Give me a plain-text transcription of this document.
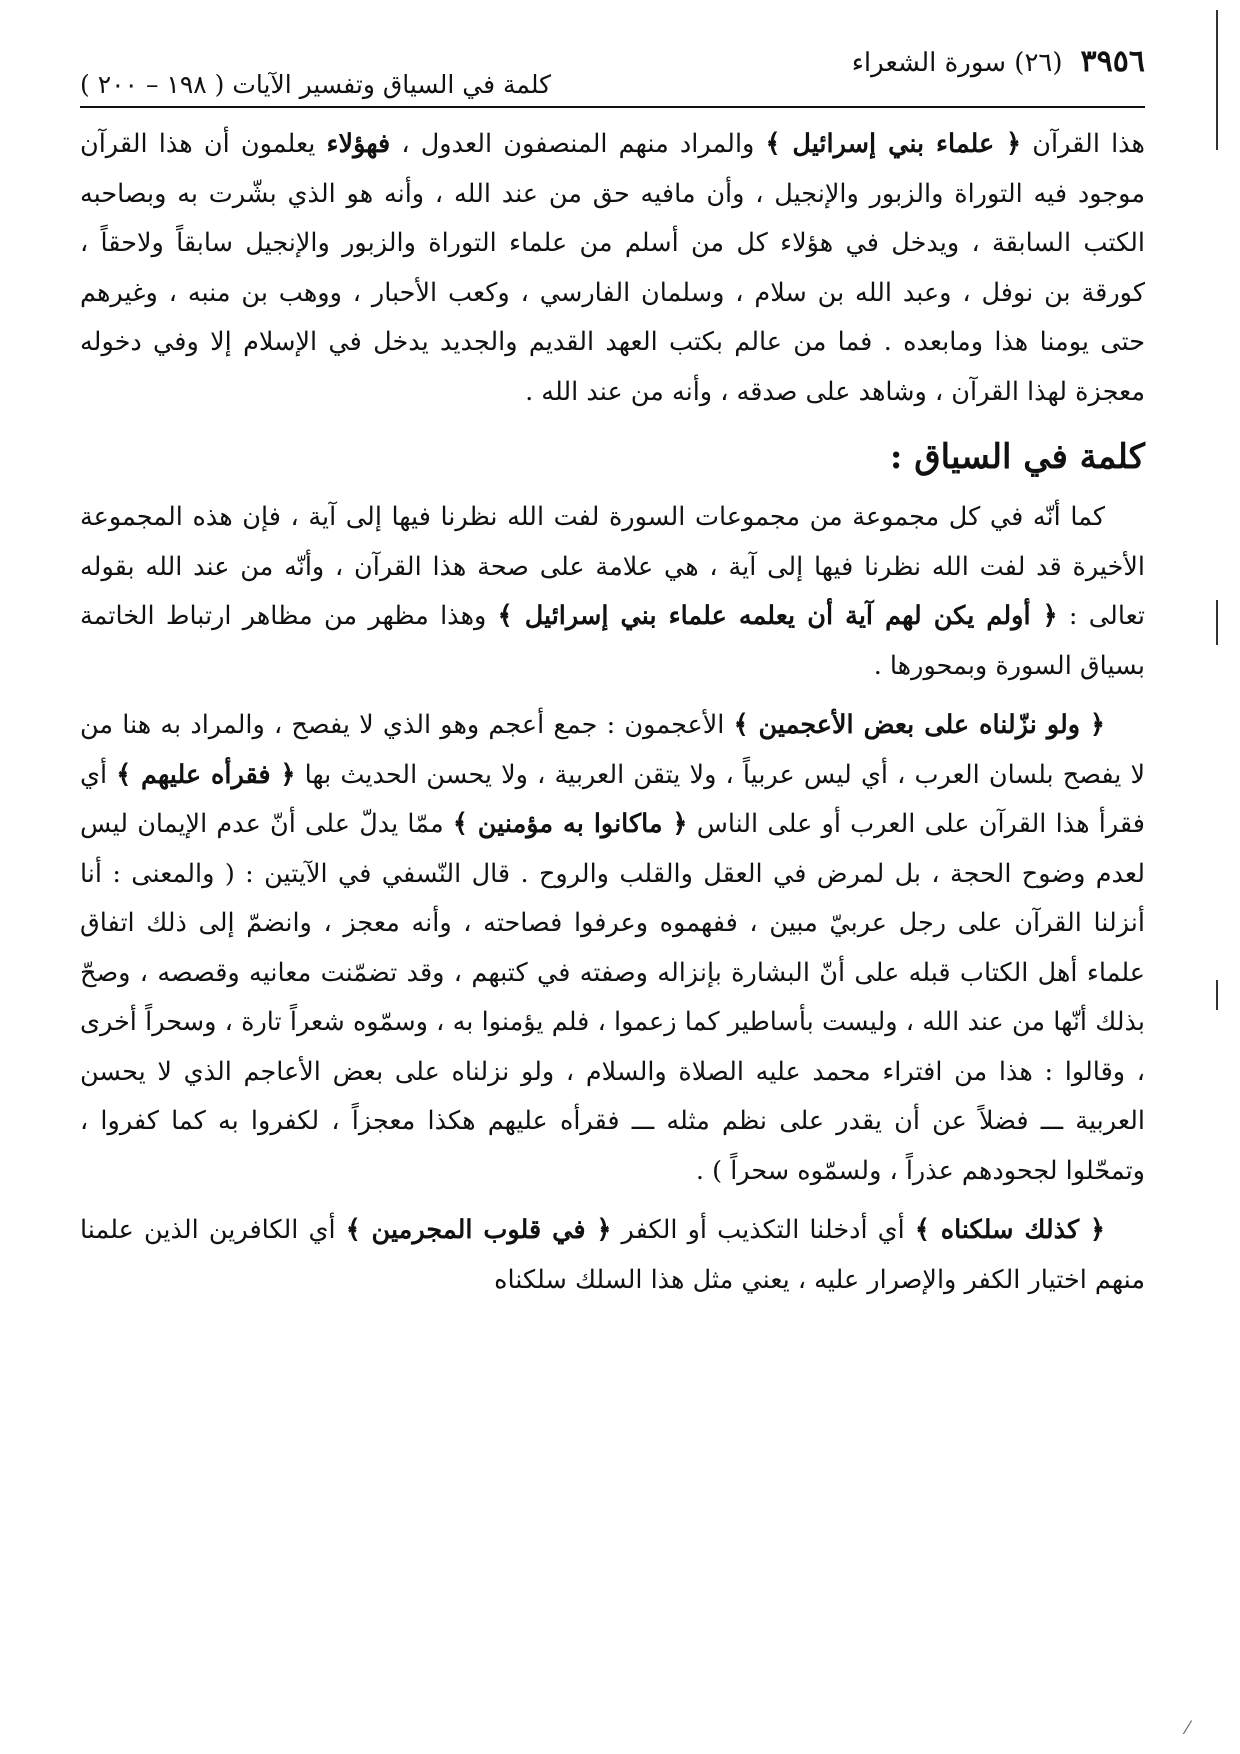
٣٩٥٦
(٢٦) سورة الشعراء
كلمة في السياق وتفسير الآيات ( ١٩٨ – ٢٠٠ )

هذا القرآن ﴿ علماء بني إسرائيل ﴾ والمراد منهم المنصفون العدول ، فهؤلاء يعلمون أن هذا القرآن موجود فيه التوراة والزبور والإنجيل ، وأن مافيه حق من عند الله ، وأنه هو الذي بشّرت به وبصاحبه الكتب السابقة ، ويدخل في هؤلاء كل من أسلم من علماء التوراة والزبور والإنجيل سابقاً ولاحقاً ، كورقة بن نوفل ، وعبد الله بن سلام ، وسلمان الفارسي ، وكعب الأحبار ، ووهب بن منبه ، وغيرهم حتى يومنا هذا ومابعده . فما من عالم بكتب العهد القديم والجديد يدخل في الإسلام إلا وفي دخوله معجزة لهذا القرآن ، وشاهد على صدقه ، وأنه من عند الله .

كلمة في السياق :

كما أنّه في كل مجموعة من مجموعات السورة لفت الله نظرنا فيها إلى آية ، فإن هذه المجموعة الأخيرة قد لفت الله نظرنا فيها إلى آية ، هي علامة على صحة هذا القرآن ، وأنّه من عند الله بقوله تعالى : ﴿ أولم يكن لهم آية أن يعلمه علماء بني إسرائيل ﴾ وهذا مظهر من مظاهر ارتباط الخاتمة بسياق السورة وبمحورها .

﴿ ولو نزّلناه على بعض الأعجمين ﴾ الأعجمون : جمع أعجم وهو الذي لا يفصح ، والمراد به هنا من لا يفصح بلسان العرب ، أي ليس عربياً ، ولا يتقن العربية ، ولا يحسن الحديث بها ﴿ فقرأه عليهم ﴾ أي فقرأ هذا القرآن على العرب أو على الناس ﴿ ماكانوا به مؤمنين ﴾ ممّا يدلّ على أنّ عدم الإيمان ليس لعدم وضوح الحجة ، بل لمرض في العقل والقلب والروح . قال النّسفي في الآيتين : ( والمعنى : أنا أنزلنا القرآن على رجل عربيّ مبين ، ففهموه وعرفوا فصاحته ، وأنه معجز ، وانضمّ إلى ذلك اتفاق علماء أهل الكتاب قبله على أنّ البشارة بإنزاله وصفته في كتبهم ، وقد تضمّنت معانيه وقصصه ، وصحّ بذلك أنّها من عند الله ، وليست بأساطير كما زعموا ، فلم يؤمنوا به ، وسمّوه شعراً تارة ، وسحراً أخرى ، وقالوا : هذا من افتراء محمد عليه الصلاة والسلام ، ولو نزلناه على بعض الأعاجم الذي لا يحسن العربية ـــ فضلاً عن أن يقدر على نظم مثله ـــ فقرأه عليهم هكذا معجزاً ، لكفروا به كما كفروا ، وتمحّلوا لجحودهم عذراً ، ولسمّوه سحراً ) .

﴿ كذلك سلكناه ﴾ أي أدخلنا التكذيب أو الكفر ﴿ في قلوب المجرمين ﴾ أي الكافرين الذين علمنا منهم اختيار الكفر والإصرار عليه ، يعني مثل هذا السلك سلكناه

⁄
